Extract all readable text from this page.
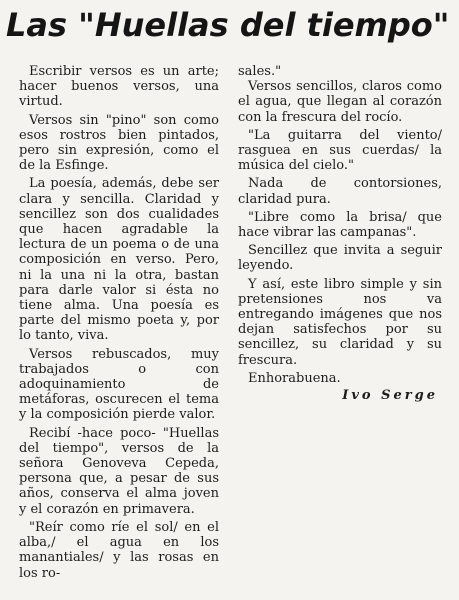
Las "Huellas del tiempo"

Escribir versos es un arte; hacer buenos versos, una virtud.

Versos sin "pino" son como esos rostros bien pintados, pero sin expresión, como el de la Esfinge.

La poesía, además, debe ser clara y sencilla. Claridad y sencillez son dos cualidades que hacen agradable la lectura de un poema o de una composición en verso. Pero, ni la una ni la otra, bastan para darle valor si ésta no tiene alma. Una poesía es parte del mismo poeta y, por lo tanto, viva.

Versos rebuscados, muy trabajados o con adoquinamiento de metáforas, oscurecen el tema y la composición pierde valor.

Recibí -hace poco- "Huellas del tiempo", versos de la señora Genoveva Cepeda, persona que, a pesar de sus años, conserva el alma joven y el corazón en primavera.

"Reír como ríe el sol/ en el alba,/ el agua en los manantiales/ y las rosas en los ro-

sales."

Versos sencillos, claros como el agua, que llegan al corazón con la frescura del rocío.

"La guitarra del viento/ rasguea en sus cuerdas/ la música del cielo."

Nada de contorsiones, claridad pura.

"Libre como la brisa/ que hace vibrar las campanas".

Sencillez que invita a seguir leyendo.

Y así, este libro simple y sin pretensiones nos va entregando imágenes que nos dejan satisfechos por su sencillez, su claridad y su frescura.

Enhorabuena.

Ivo Serge
